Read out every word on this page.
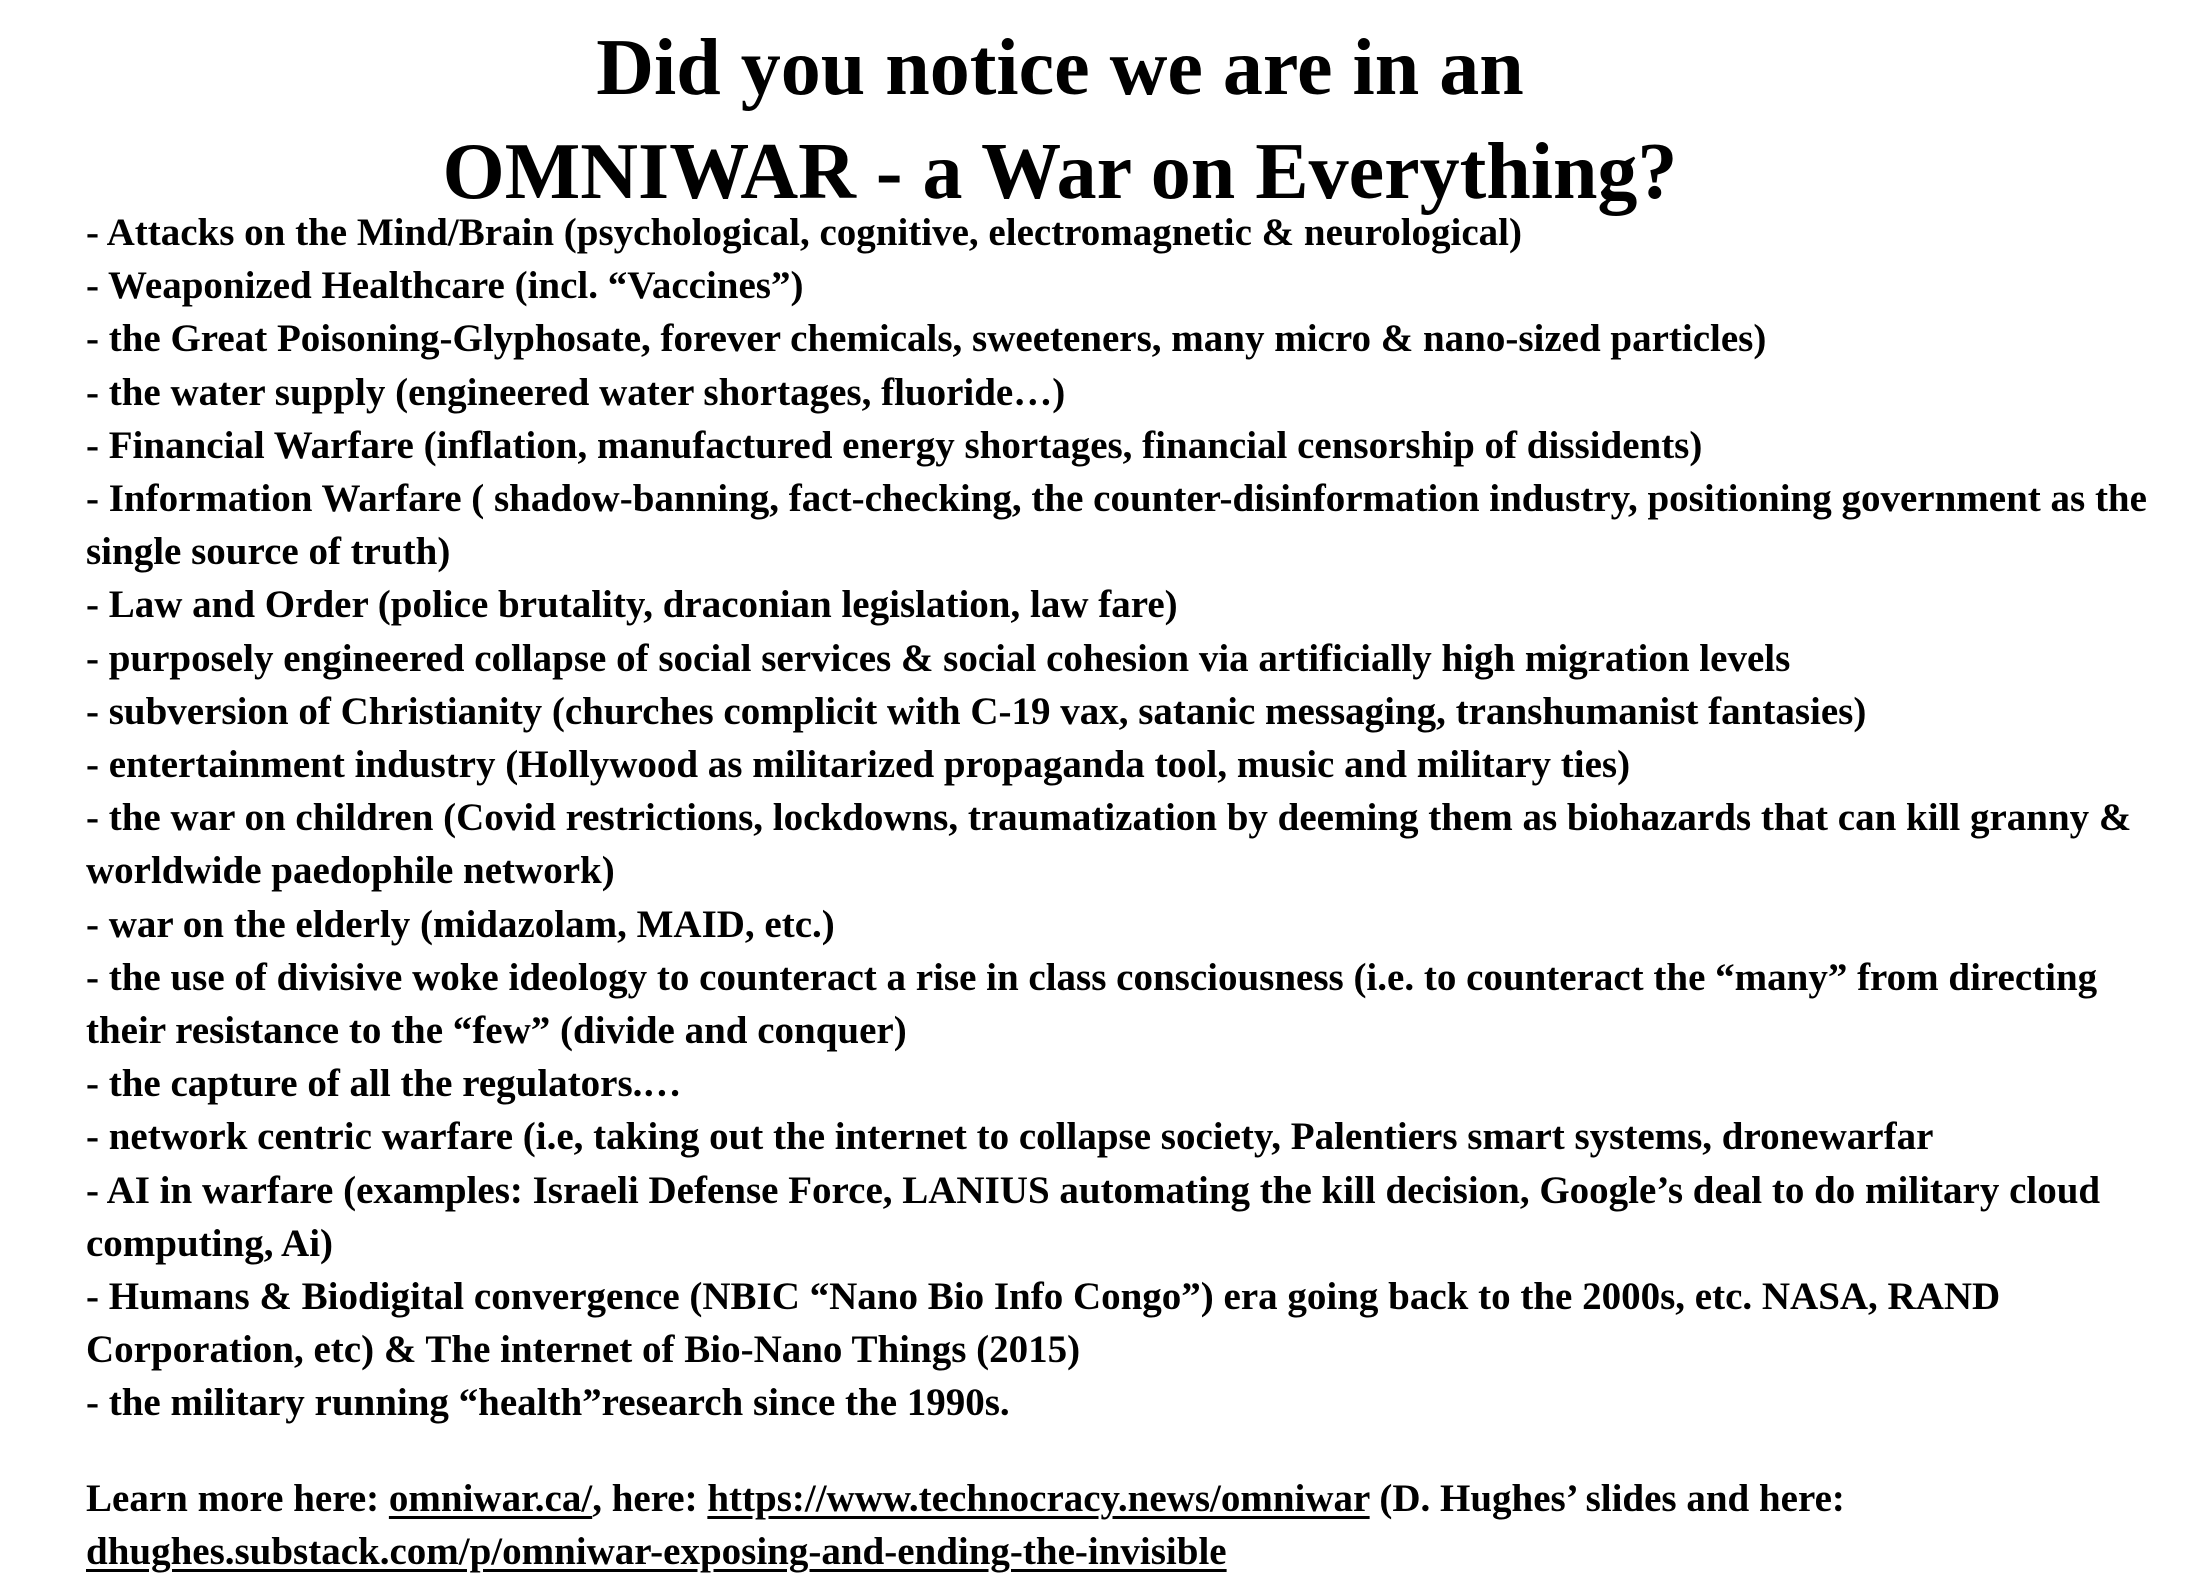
Did you notice we are in an
OMNIWAR - a War on Everything?
- Attacks on the Mind/Brain (psychological, cognitive, electromagnetic & neurological)
- Weaponized Healthcare (incl. “Vaccines”)
- the Great Poisoning-Glyphosate, forever chemicals, sweeteners, many micro & nano-sized particles)
- the water supply (engineered water shortages, fluoride…)
- Financial Warfare (inflation, manufactured energy shortages, financial censorship of dissidents)
- Information Warfare ( shadow-banning, fact-checking, the counter-disinformation industry, positioning government as the single source of truth)
- Law and Order (police brutality, draconian legislation, law fare)
- purposely engineered collapse of social services & social cohesion via artificially high migration levels
- subversion of Christianity (churches complicit with C-19 vax, satanic messaging, transhumanist fantasies)
- entertainment industry (Hollywood as militarized propaganda tool, music and military ties)
- the war on children (Covid restrictions, lockdowns, traumatization by deeming them as biohazards that can kill granny & worldwide paedophile network)
- war on the elderly (midazolam, MAID, etc.)
- the use of divisive woke ideology to counteract a rise in class consciousness (i.e. to counteract the “many” from directing their resistance to the “few” (divide and conquer)
- the capture of all the regulators.…
- network centric warfare (i.e, taking out the internet to collapse society, Palentiers smart systems, dronewarfar
- AI in warfare (examples: Israeli Defense Force, LANIUS automating the kill decision, Google’s deal to do military cloud computing, Ai)
- Humans & Biodigital convergence (NBIC “Nano Bio Info Congo”) era going back to the 2000s, etc. NASA, RAND Corporation, etc) & The internet of Bio-Nano Things (2015)
- the military running “health”research since the 1990s.
Learn more here: omniwar.ca/, here: https://www.technocracy.news/omniwar (D. Hughes’ slides and here: dhughes.substack.com/p/omniwar-exposing-and-ending-the-invisible
